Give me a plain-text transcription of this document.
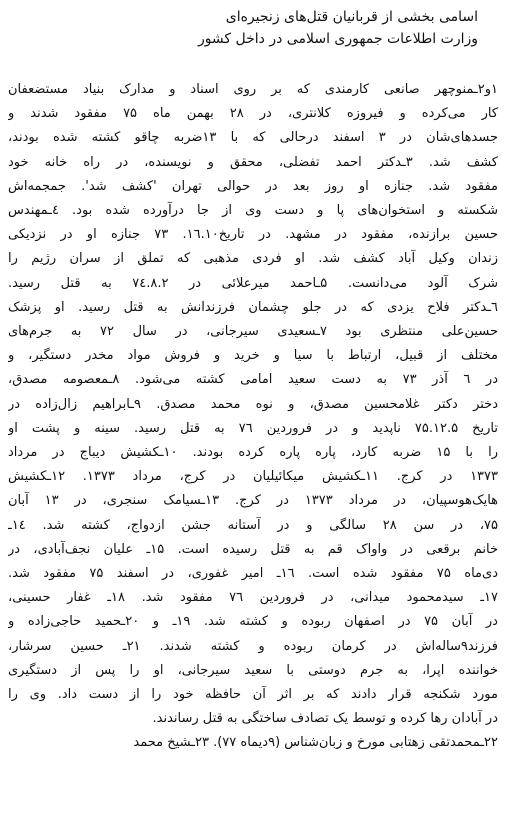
اسامی بخشی از قربانیان قتل‌های زنجیره‌ای
وزارت اطلاعات جمهوری اسلامی در داخل کشور
۱و۲ـمنوچهر صانعی کارمندی که بر روی اسناد و مدارک بنیاد مستضعفان
کار می‌کرده و فیروزه کلانتری، در ۲۸ بهمن ماه ۷۵ مفقود شدند و
جسدهای‌شان در ۳ اسفند درحالی که با ۱۳ضربه چاقو کشته شده بودند،
کشف شد. ۳ـدکتر احمد تفضلی، محقق و نویسنده، در راه خانه خود
مفقود شد. جنازه او روز بعد در حوالی تهران 'کشف شد'. جمجمه‌اش
شکسته و استخوان‌های پا و دست وی از جا درآورده شده بود. ٤ـمهندس
حسین برازنده، مفقود در مشهد. در تاریخ۱٦.۱۰. ۷۳ جنازه او در نزدیکی
زندان وکیل آباد کشف شد. او فردی مذهبی که تملق از سران رژیم را
شرک آلود می‌دانست. ۵ـاحمد میرعلائی در ۷٤.۸.۲ به قتل رسید.
٦ـدکتر فلاح یزدی که در جلو چشمان فرزندانش به قتل رسید. او پزشک
حسین‌علی منتظری بود ۷ـسعیدی سیرجانی، در سال ۷۲ به جرم‌های
مختلف از قبیل، ارتباط با سیا و خرید و فروش مواد مخدر دستگیر، و
در ٦ آذر ۷۳ به دست سعید امامی کشته می‌شود. ۸ـمعصومه مصدق،
دختر دکتر غلامحسین مصدق، و نوه محمد مصدق. ۹ـابراهیم زال‌زاده در
تاریخ ۷۵.۱۲.۵ ناپدید و در فروردین ۷٦ به قتل رسید. سینه و پشت او
را با ۱۵ ضربه کارد، پاره پاره کرده بودند. ۱۰ـکشیش دیباج در مرداد
۱۳۷۳ در کرج. ۱۱ـکشیش میکائیلیان در کرج، مرداد ۱۳۷۳. ۱۲ـکشیش
هایک‌هوسپیان، در مرداد ۱۳۷۳ در کرج. ۱۳ـسیامک سنجری، در ۱۳ آبان
۷۵، در سن ۲۸ سالگی و در آستانه جشن ازدواج، کشته شد. ۱٤ـ
خانم برقعی در واواک قم به قتل رسیده است. ۱۵ـ علیان نجف‌آبادی، در
دی‌ماه ۷۵ مفقود شده است. ۱٦ـ امیر غفوری، در اسفند ۷۵ مفقود شد.
۱۷ـ سیدمحمود میدانی، در فروردین ۷٦ مفقود شد. ۱۸ـ غفار حسینی،
در آبان ۷۵ در اصفهان ربوده و کشته شد. ۱۹ـ و ۲۰ـحمید حاجی‌زاده و
فرزند۹ساله‌اش در کرمان ربوده و کشته شدند. ۲۱ـ حسین سرشار،
خواننده اپرا، به جرم دوستی با سعید سیرجانی، او را پس از دستگیری
مورد شکنجه قرار دادند که بر اثر آن حافظه خود را از دست داد. وی را
در آبادان رها کرده و توسط یک تصادف ساختگی به قتل رساندند.
۲۲ـمحمدتقی زهتابی مورخ و زبان‌شناس (۹دیماه ۷۷). ۲۳ـشیخ محمد
